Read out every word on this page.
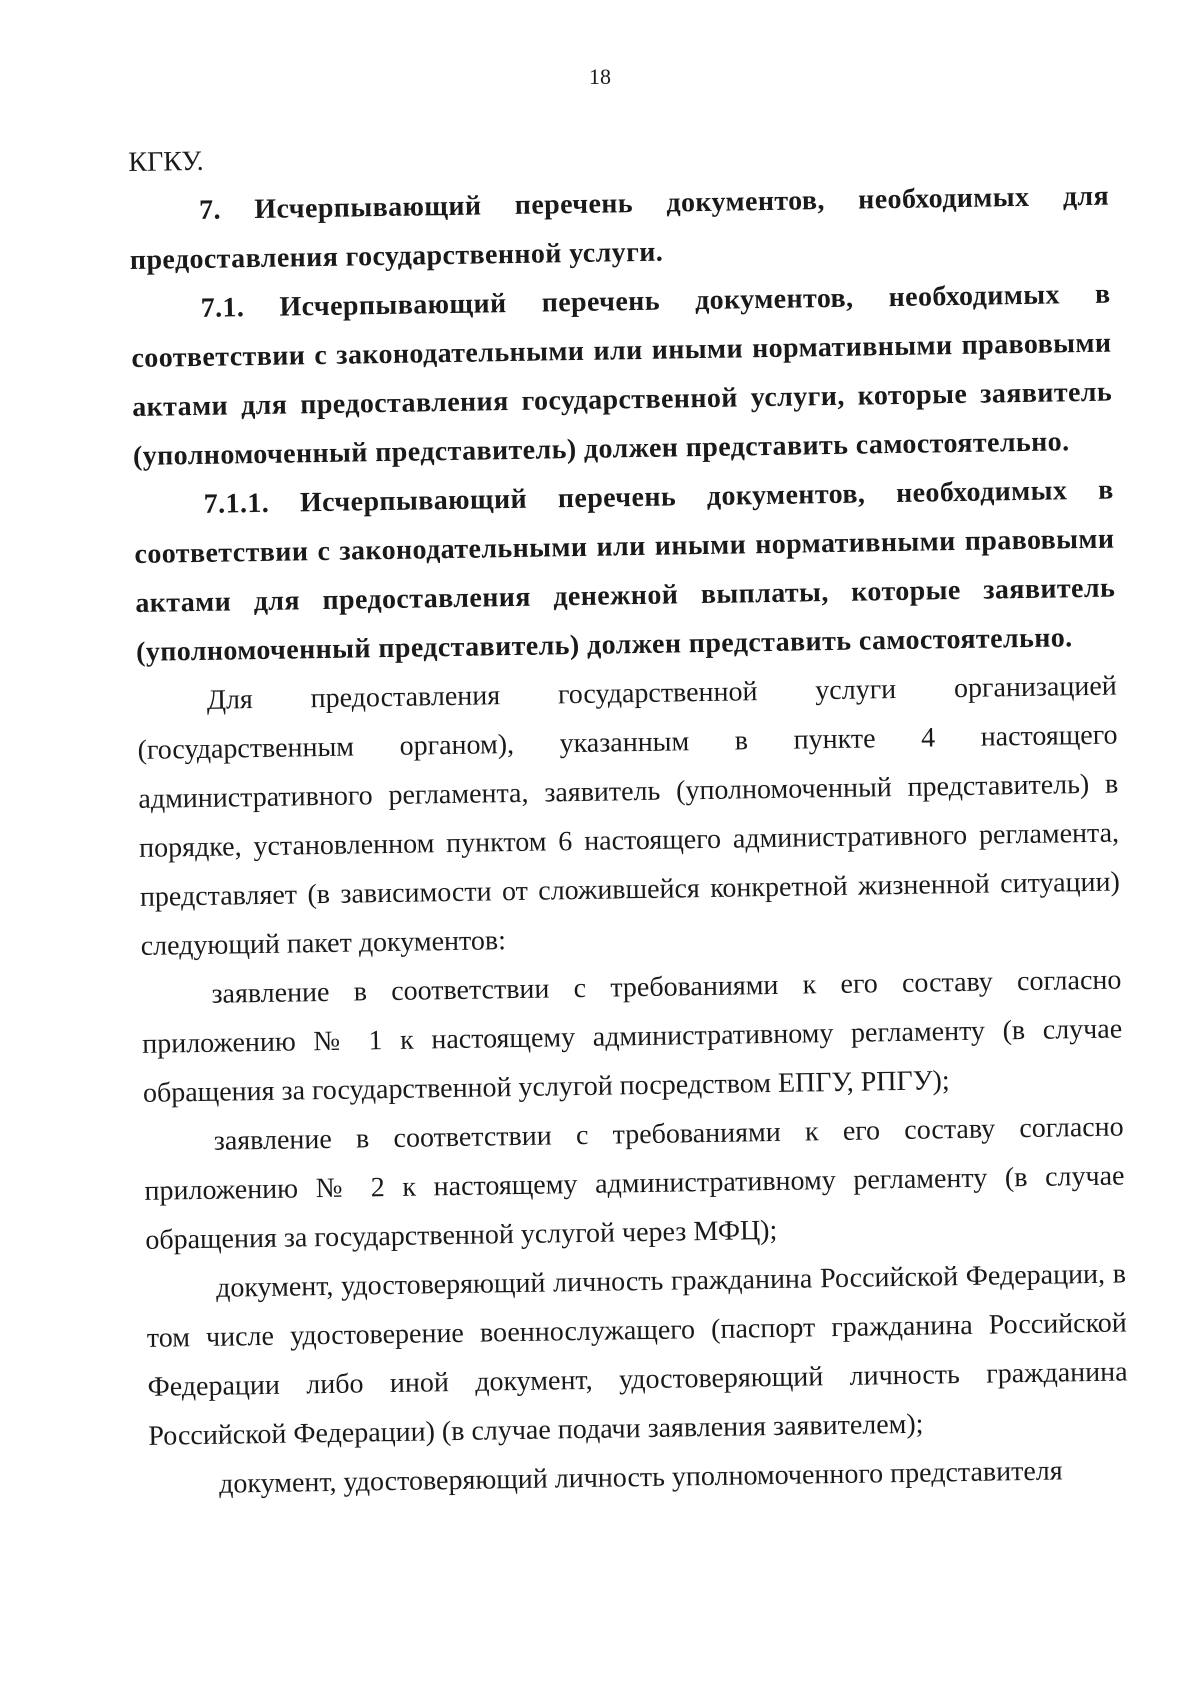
18

КГКУ.

7. Исчерпывающий перечень документов, необходимых для предоставления государственной услуги.

7.1. Исчерпывающий перечень документов, необходимых в соответствии с законодательными или иными нормативными правовыми актами для предоставления государственной услуги, которые заявитель (уполномоченный представитель) должен представить самостоятельно.

7.1.1. Исчерпывающий перечень документов, необходимых в соответствии с законодательными или иными нормативными правовыми актами для предоставления денежной выплаты, которые заявитель (уполномоченный представитель) должен представить самостоятельно.

Для предоставления государственной услуги организацией (государственным органом), указанным в пункте 4 настоящего административного регламента, заявитель (уполномоченный представитель) в порядке, установленном пунктом 6 настоящего административного регламента, представляет (в зависимости от сложившейся конкретной жизненной ситуации) следующий пакет документов:

заявление в соответствии с требованиями к его составу согласно приложению № 1 к настоящему административному регламенту (в случае обращения за государственной услугой посредством ЕПГУ, РПГУ);

заявление в соответствии с требованиями к его составу согласно приложению № 2 к настоящему административному регламенту (в случае обращения за государственной услугой через МФЦ);

документ, удостоверяющий личность гражданина Российской Федерации, в том числе удостоверение военнослужащего (паспорт гражданина Российской Федерации либо иной документ, удостоверяющий личность гражданина Российской Федерации) (в случае подачи заявления заявителем);

документ, удостоверяющий личность уполномоченного представителя
